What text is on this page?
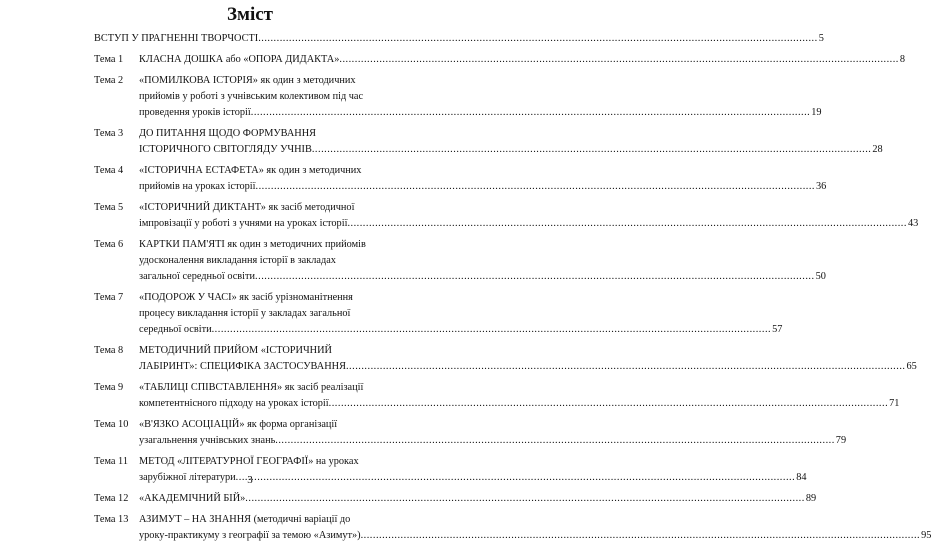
Зміст
ВСТУП У ПРАГНЕННІ ТВОРЧОСТІ .....	5
Тема 1	КЛАСНА ДОШКА або «ОПОРА ДИДАКТА» .....	8
Тема 2	«ПОМИЛКОВА ІСТОРІЯ» як один з методичних
прийомів у роботі з учнівським колективом під час
проведення уроків історії .....	19
Тема 3	ДО ПИТАННЯ ЩОДО ФОРМУВАННЯ
ІСТОРИЧНОГО СВІТОГЛЯДУ УЧНІВ .....	28
Тема 4	«ІСТОРИЧНА ЕСТАФЕТА» як один з методичних
прийомів на уроках історії .....	36
Тема 5	«ІСТОРИЧНИЙ ДИКТАНТ» як засіб методичної
імпровізації у роботі з учнями на уроках історії .....	43
Тема 6	КАРТКИ ПАМ'ЯТІ як один з методичних прийомів
удосконалення викладання історії в закладах
загальної середньої освіти .....	50
Тема 7	«ПОДОРОЖ У ЧАСІ» як засіб урізноманітнення
процесу викладання історії у закладах загальної
середньої освіти .....	57
Тема 8	МЕТОДИЧНИЙ ПРИЙОМ «ІСТОРИЧНИЙ
ЛАБІРИНТ»: СПЕЦИФІКА ЗАСТОСУВАННЯ .....	65
Тема 9	«ТАБЛИЦІ СПІВСТАВЛЕННЯ» як засіб реалізації
компетентнісного підходу на уроках історії .....	71
Тема 10	«В'ЯЗКО АСОЦІАЦІЙ» як форма організації
узагальнення учнівських знань .....	79
Тема 11	МЕТОД «ЛІТЕРАТУРНОЇ ГЕОГРАФІЇ» на уроках
зарубіжної літератури .....	84
Тема 12	«АКАДЕМІЧНИЙ БІЙ» .....	89
Тема 13	АЗИМУТ – НА ЗНАННЯ (методичні варіації до
уроку-практикуму з географії за темою «Азимут») .....	95
3
